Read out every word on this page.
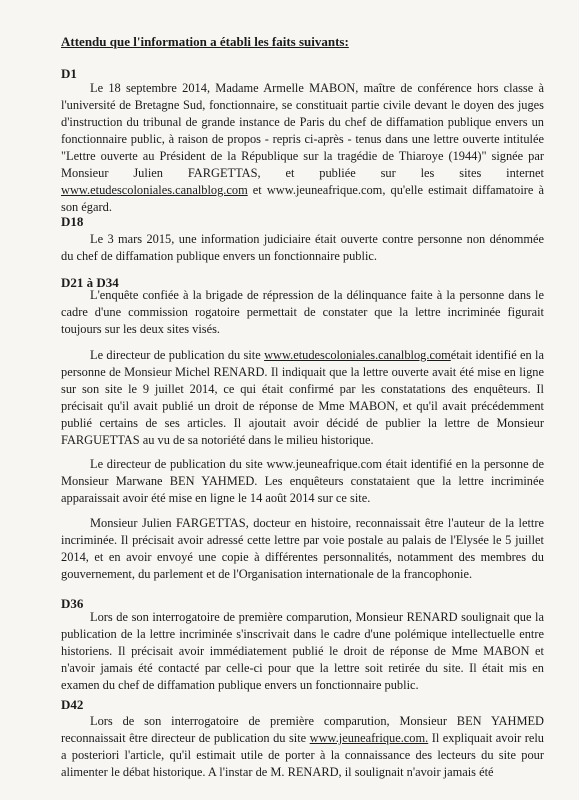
Attendu que l'information a établi les faits suivants:
D1

Le 18 septembre 2014, Madame Armelle MABON, maître de conférence hors classe à l'université de Bretagne Sud, fonctionnaire, se constituait partie civile devant le doyen des juges d'instruction du tribunal de grande instance de Paris du chef de diffamation publique envers un fonctionnaire public, à raison de propos - repris ci-après - tenus dans une lettre ouverte intitulée "Lettre ouverte au Président de la République sur la tragédie de Thiaroye (1944)" signée par Monsieur Julien FARGETTAS, et publiée sur les sites internet www.etudescoloniales.canalblog.com et www.jeuneafrique.com, qu'elle estimait diffamatoire à son égard.

D18

Le 3 mars 2015, une information judiciaire était ouverte contre personne non dénommée du chef de diffamation publique envers un fonctionnaire public.

D21 à D34

L'enquête confiée à la brigade de répression de la délinquance faite à la personne dans le cadre d'une commission rogatoire permettait de constater que la lettre incriminée figurait toujours sur les deux sites visés.

Le directeur de publication du site www.etudescoloniales.canalblog.cométait identifié en la personne de Monsieur Michel RENARD. Il indiquait que la lettre ouverte avait été mise en ligne sur son site le 9 juillet 2014, ce qui était confirmé par les constatations des enquêteurs. Il précisait qu'il avait publié un droit de réponse de Mme MABON, et qu'il avait précédemment publié certains de ses articles. Il ajoutait avoir décidé de publier la lettre de Monsieur FARGUETTAS au vu de sa notoriété dans le milieu historique.

Le directeur de publication du site www.jeuneafrique.com était identifié en la personne de Monsieur Marwane BEN YAHMED. Les enquêteurs constataient que la lettre incriminée apparaissait avoir été mise en ligne le 14 août 2014 sur ce site.

Monsieur Julien FARGETTAS, docteur en histoire, reconnaissait être l'auteur de la lettre incriminée. Il précisait avoir adressé cette lettre par voie postale au palais de l'Elysée le 5 juillet 2014, et en avoir envoyé une copie à différentes personnalités, notamment des membres du gouvernement, du parlement et de l'Organisation internationale de la francophonie.

D36

Lors de son interrogatoire de première comparution, Monsieur RENARD soulignait que la publication de la lettre incriminée s'inscrivait dans le cadre d'une polémique intellectuelle entre historiens. Il précisait avoir immédiatement publié le droit de réponse de Mme MABON et n'avoir jamais été contacté par celle-ci pour que la lettre soit retirée du site. Il était mis en examen du chef de diffamation publique envers un fonctionnaire public.

D42

Lors de son interrogatoire de première comparution, Monsieur BEN YAHMED reconnaissait être directeur de publication du site www.jeuneafrique.com. Il expliquait avoir relu a posteriori l'article, qu'il estimait utile de porter à la connaissance des lecteurs du site pour alimenter le débat historique. A l'instar de M. RENARD, il soulignait n'avoir jamais été
